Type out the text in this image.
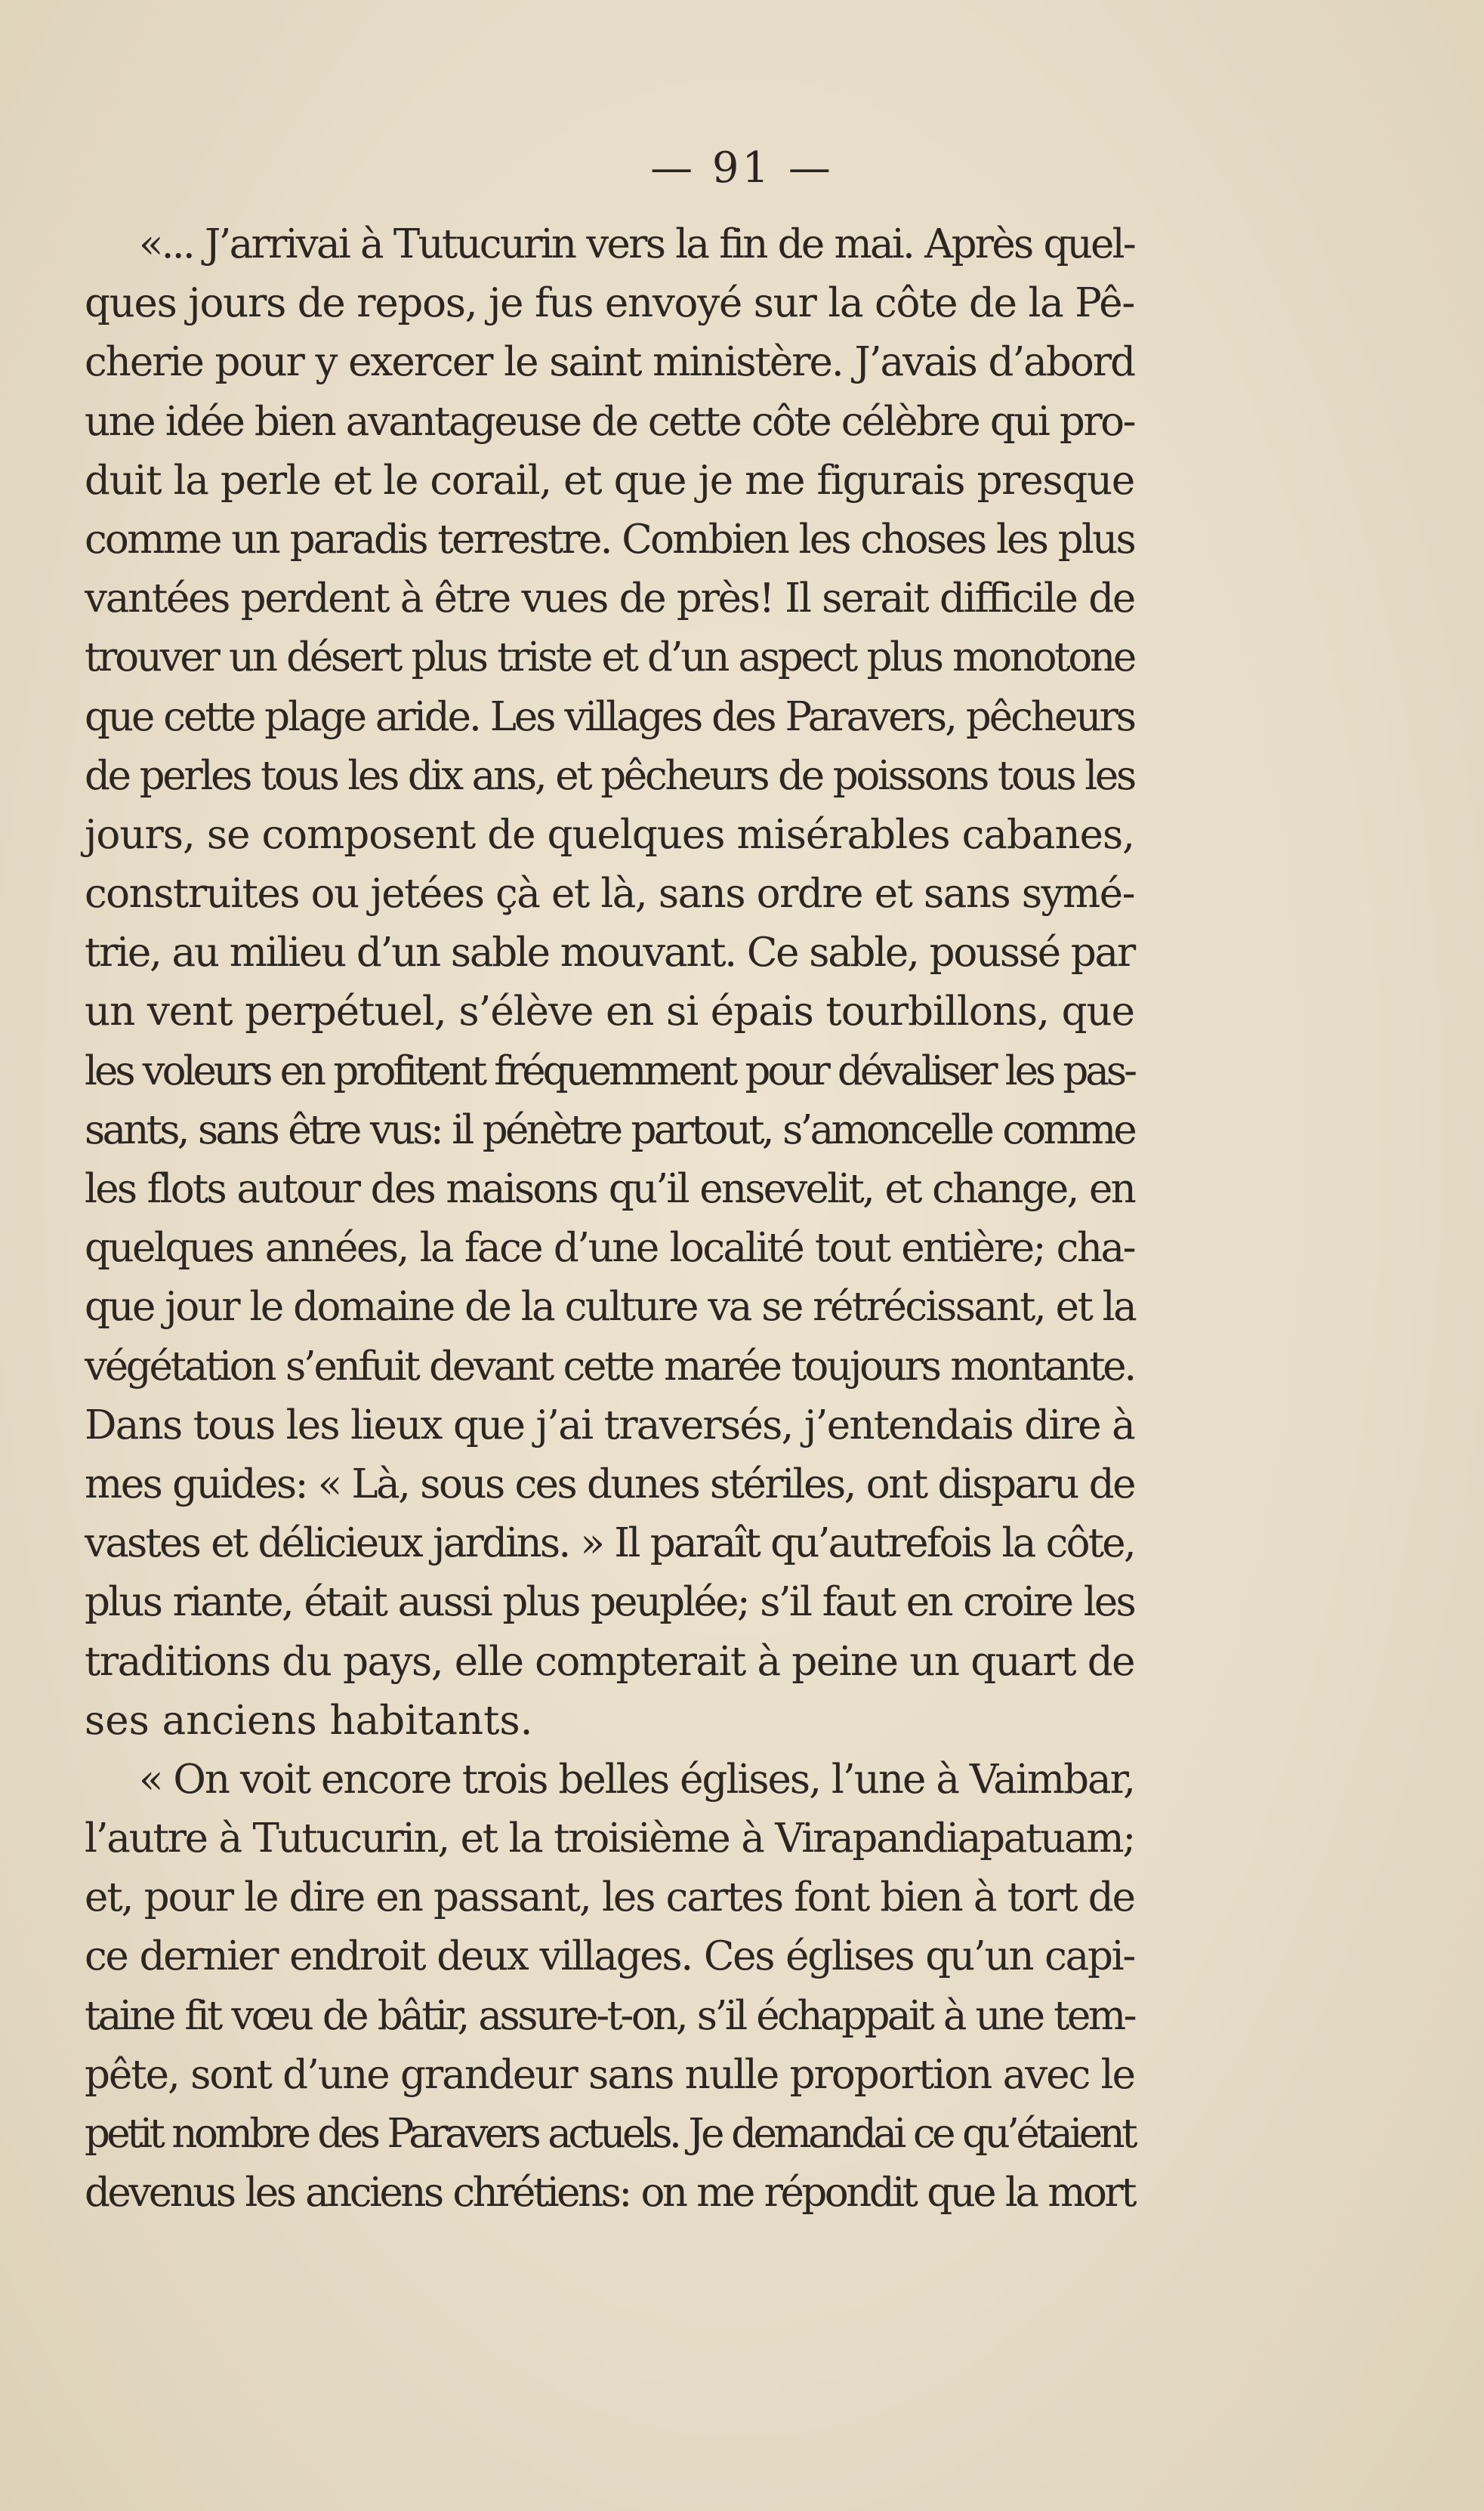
— 91 —

«... J’arrivai à Tutucurin vers la fin de mai. Après quel-
ques jours de repos, je fus envoyé sur la côte de la Pê-
cherie pour y exercer le saint ministère. J’avais d’abord
une idée bien avantageuse de cette côte célèbre qui pro-
duit la perle et le corail, et que je me figurais presque
comme un paradis terrestre. Combien les choses les plus
vantées perdent à être vues de près! Il serait difficile de
trouver un désert plus triste et d’un aspect plus monotone
que cette plage aride. Les villages des Paravers, pêcheurs
de perles tous les dix ans, et pêcheurs de poissons tous les
jours, se composent de quelques misérables cabanes,
construites ou jetées çà et là, sans ordre et sans symé-
trie, au milieu d’un sable mouvant. Ce sable, poussé par
un vent perpétuel, s’élève en si épais tourbillons, que
les voleurs en profitent fréquemment pour dévaliser les pas-
sants, sans être vus: il pénètre partout, s’amoncelle comme
les flots autour des maisons qu’il ensevelit, et change, en
quelques années, la face d’une localité tout entière; cha-
que jour le domaine de la culture va se rétrécissant, et la
végétation s’enfuit devant cette marée toujours montante.
Dans tous les lieux que j’ai traversés, j’entendais dire à
mes guides: « Là, sous ces dunes stériles, ont disparu de
vastes et délicieux jardins. » Il paraît qu’autrefois la côte,
plus riante, était aussi plus peuplée; s’il faut en croire les
traditions du pays, elle compterait à peine un quart de
ses anciens habitants.

« On voit encore trois belles églises, l’une à Vaimbar,
l’autre à Tutucurin, et la troisième à Virapandiapatuam;
et, pour le dire en passant, les cartes font bien à tort de
ce dernier endroit deux villages. Ces églises qu’un capi-
taine fit vœu de bâtir, assure-t-on, s’il échappait à une tem-
pête, sont d’une grandeur sans nulle proportion avec le
petit nombre des Paravers actuels. Je demandai ce qu’étaient
devenus les anciens chrétiens: on me répondit que la mort
